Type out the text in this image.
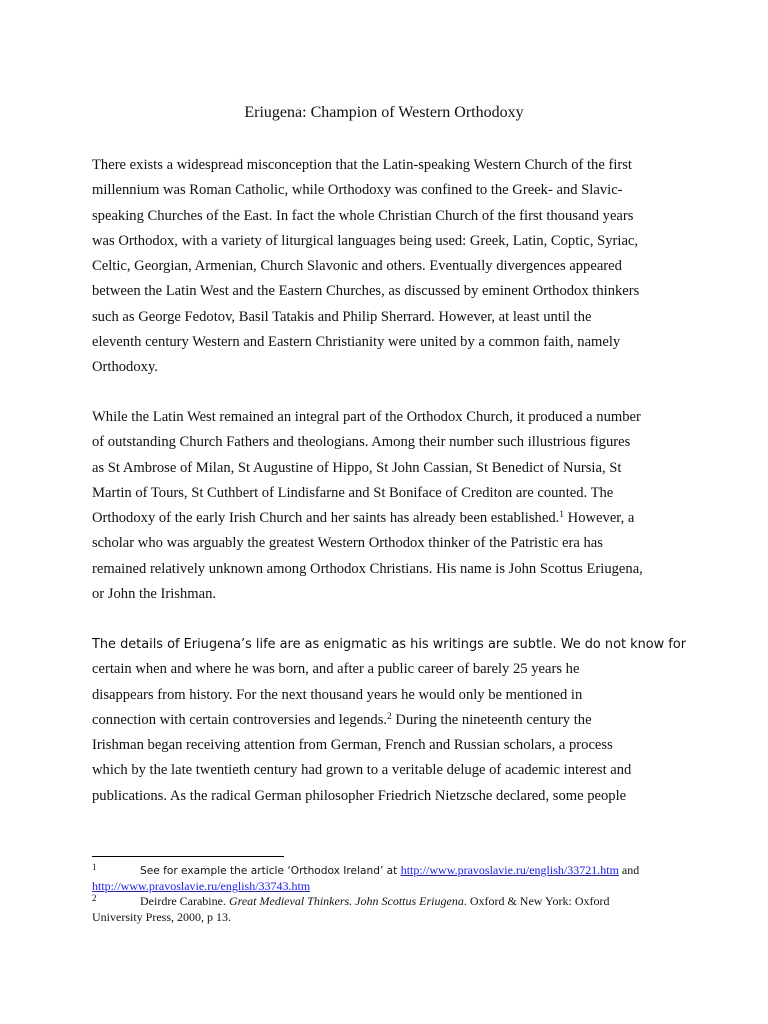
Eriugena: Champion of Western Orthodoxy
There exists a widespread misconception that the Latin-speaking Western Church of the first
millennium was Roman Catholic, while Orthodoxy was confined to the Greek- and Slavic-
speaking Churches of the East. In fact the whole Christian Church of the first thousand years
was Orthodox, with a variety of liturgical languages being used: Greek, Latin, Coptic, Syriac,
Celtic, Georgian, Armenian, Church Slavonic and others. Eventually divergences appeared
between the Latin West and the Eastern Churches, as discussed by eminent Orthodox thinkers
such as George Fedotov, Basil Tatakis and Philip Sherrard. However, at least until the
eleventh century Western and Eastern Christianity were united by a common faith, namely
Orthodoxy.
While the Latin West remained an integral part of the Orthodox Church, it produced a number
of outstanding Church Fathers and theologians. Among their number such illustrious figures
as St Ambrose of Milan, St Augustine of Hippo, St John Cassian, St Benedict of Nursia, St
Martin of Tours, St Cuthbert of Lindisfarne and St Boniface of Crediton are counted. The
Orthodoxy of the early Irish Church and her saints has already been established.$^1$ However, a
scholar who was arguably the greatest Western Orthodox thinker of the Patristic era has
remained relatively unknown among Orthodox Christians. His name is John Scottus Eriugena,
or John the Irishman.
The details of Eriugena’s life are as enigmatic as his writings are subtle. We do not know for
certain when and where he was born, and after a public career of barely 25 years he
disappears from history. For the next thousand years he would only be mentioned in
connection with certain controversies and legends.$^2$ During the nineteenth century the
Irishman began receiving attention from German, French and Russian scholars, a process
which by the late twentieth century had grown to a veritable deluge of academic interest and
publications. As the radical German philosopher Friedrich Nietzsche declared, some people
1	See for example the article ‘Orthodox Ireland’ at http://www.pravoslavie.ru/english/33721.htm and
http://www.pravoslavie.ru/english/33743.htm
2	Deirdre Carabine. Great Medieval Thinkers. John Scottus Eriugena. Oxford & New York: Oxford
University Press, 2000, p 13.
